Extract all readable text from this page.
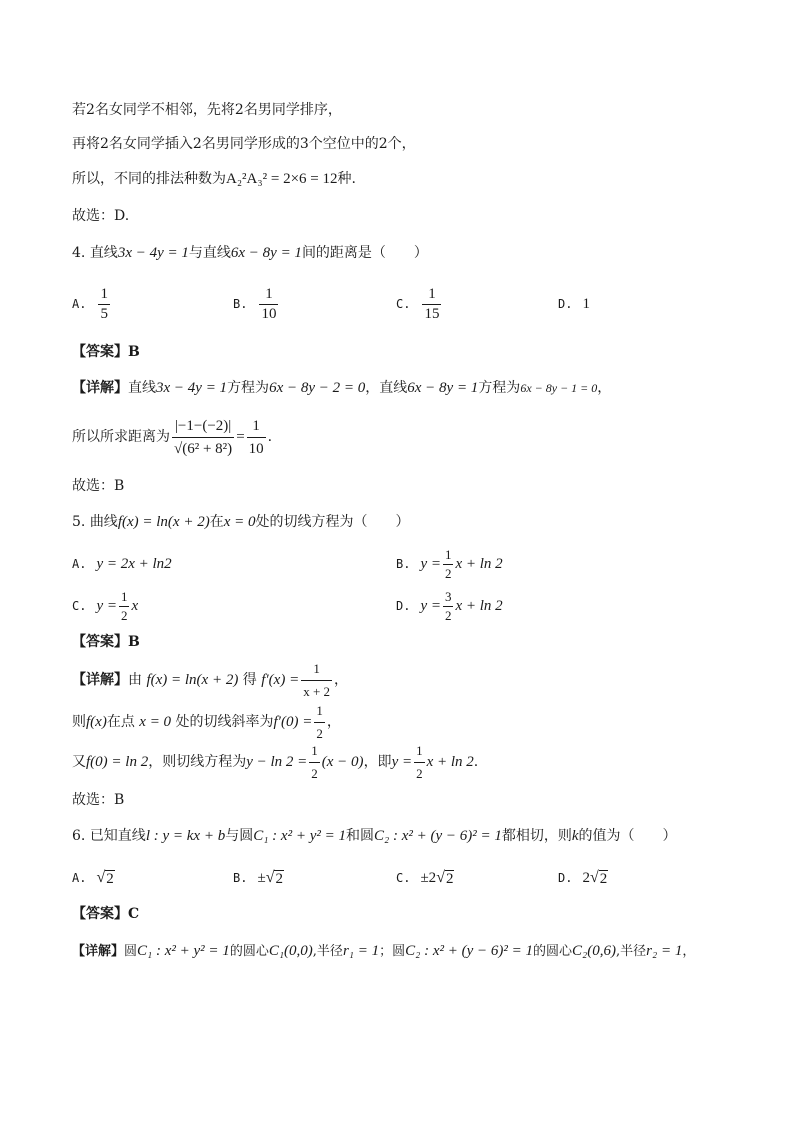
若2名女同学不相邻，先将2名男同学排序，
再将2名女同学插入2名男同学形成的3个空位中的2个，
所以，不同的排法种数为A₂²A₃² = 2×6 = 12种.
故选：D.
4. 直线3x − 4y = 1与直线6x − 8y = 1间的距离是（　　）
A. $\frac{1}{5}$	B. $\frac{1}{10}$	C. $\frac{1}{15}$	D. 1
【答案】B
【详解】直线3x − 4y = 1方程为6x − 8y − 2 = 0，直线6x − 8y = 1方程为6x − 8y − 1 = 0，
所以所求距离为 $\frac{|-1-(-2)|}{\text{√(6² + 8²)}} = \frac{1}{10}$ .
故选：B
5. 曲线f(x) = ln(x + 2)在x = 0处的切线方程为（　　）
A. y = 2x + ln2	B. $y = \frac{1}{2}$ x + ln 2
C. $y = \frac{1}{2}$ x	D. $y = \frac{3}{2}$ x + ln 2
【答案】B
【详解】 由
f(x) = ln(x + 2)
得
$f'(x) = \frac{1}{x + 2}$ ，
则 f(x) 在点
x = 0
处的切线斜率为 $f'(0) = \frac{1}{2}$ ，
又 f(0) = ln 2 ，则切线方程为 $y - \ln 2 = \frac{1}{2} (x - 0)$ ，即 $y = \frac{1}{2}$ x + ln 2 .
故选：B
6. 已知直线l : y = kx + b与圆C₁ : x² + y² = 1和圆C₂ : x² + (y − 6)² = 1都相切，则k的值为（　　）
A. √ 2	B. ± √ 2	C. ±2 √ 2	D. 2 √ 2
【答案】C
【详解】圆C₁ : x² + y² = 1的圆心C₁(0,0),半径r₁ = 1；圆C₂ : x² + (y − 6)² = 1的圆心C₂(0,6),半径r₂ = 1，
